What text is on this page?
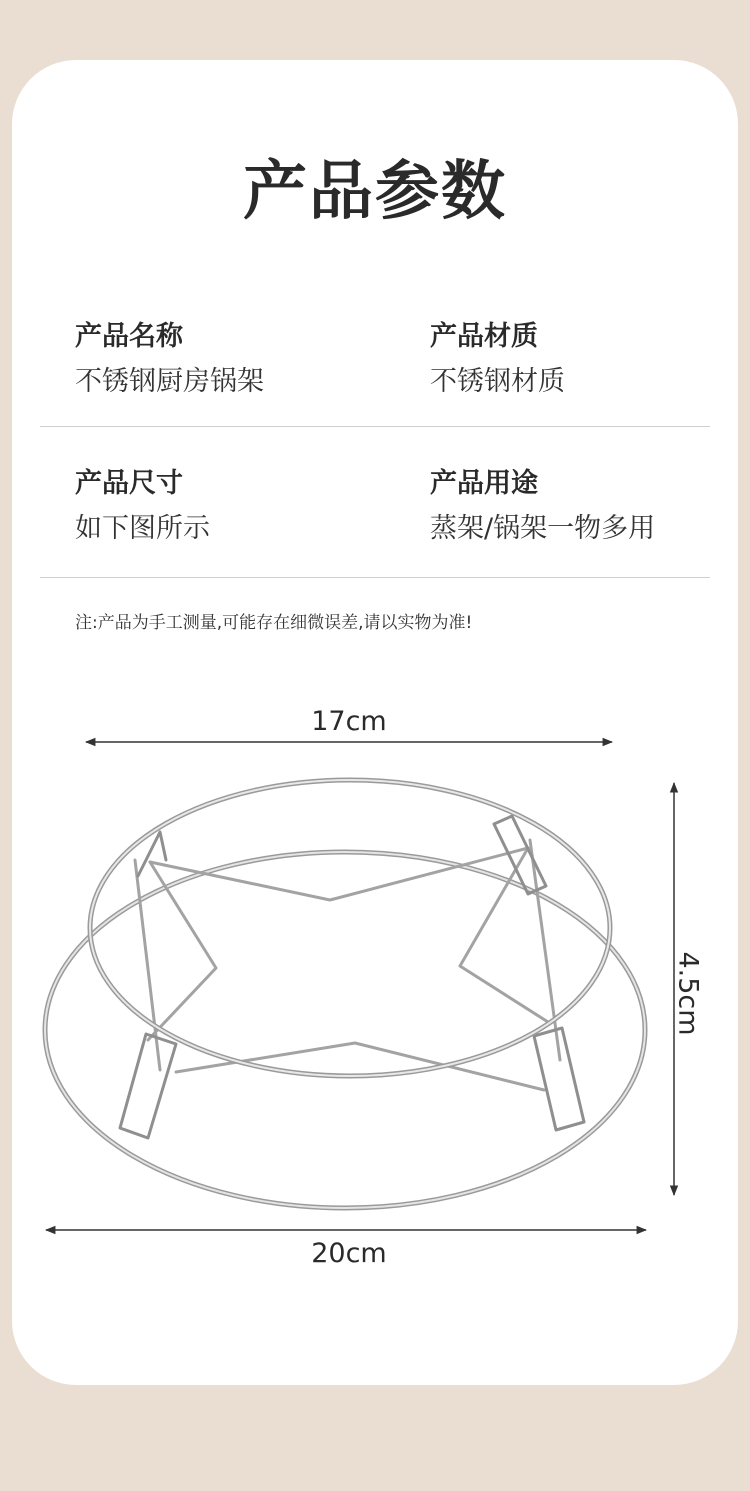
产品参数
产品名称
不锈钢厨房锅架
产品材质
不锈钢材质
产品尺寸
如下图所示
产品用途
蒸架/锅架一物多用
注:产品为手工测量,可能存在细微误差,请以实物为准!
17cm
20cm
4.5cm
